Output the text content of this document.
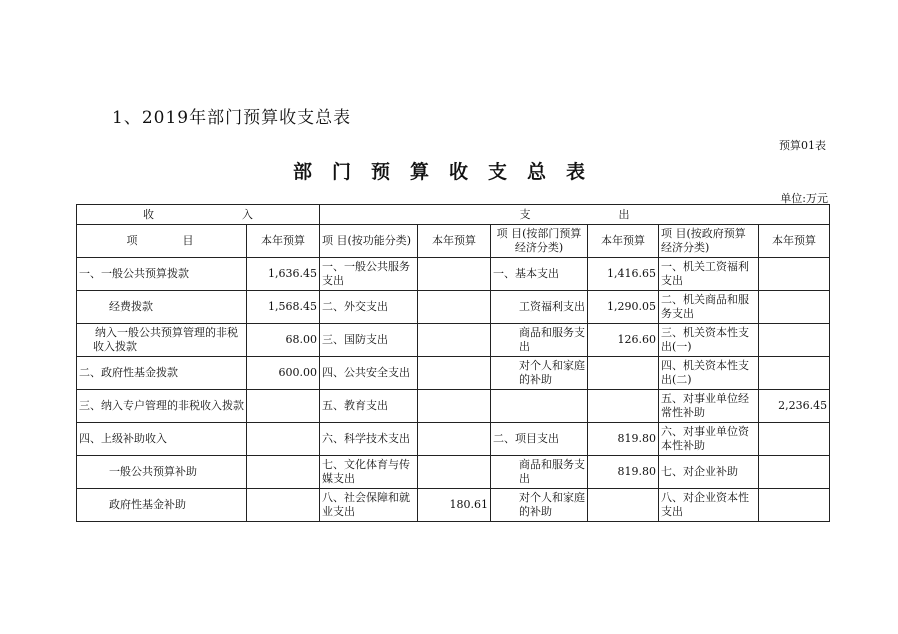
1、2019年部门预算收支总表
预算01表
部门预算收支总表
单位:万元
收　　　　　　　　入		支　　　　　　　　出					
项　　　目	本年预算	项 目(按功能分类)	本年预算	项 目(按部门预算经济分类)	本年预算	项 目(按政府预算经济分类)	本年预算
一、一般公共预算拨款	1,636.45	一、一般公共服务支出		一、基本支出	1,416.65	一、机关工资福利支出	
经费拨款	1,568.45	二、外交支出		工资福利支出	1,290.05	二、机关商品和服务支出	
纳入一般公共预算管理的非税收入拨款	68.00	三、国防支出		商品和服务支出	126.60	三、机关资本性支出(一)	
二、政府性基金拨款	600.00	四、公共安全支出		对个人和家庭的补助		四、机关资本性支出(二)	
三、纳入专户管理的非税收入拨款		五、教育支出				五、对事业单位经常性补助	2,236.45
四、上级补助收入		六、科学技术支出		二、项目支出	819.80	六、对事业单位资本性补助	
一般公共预算补助		七、文化体育与传媒支出		商品和服务支出	819.80	七、对企业补助	
政府性基金补助		八、社会保障和就业支出	180.61	对个人和家庭的补助		八、对企业资本性支出	
